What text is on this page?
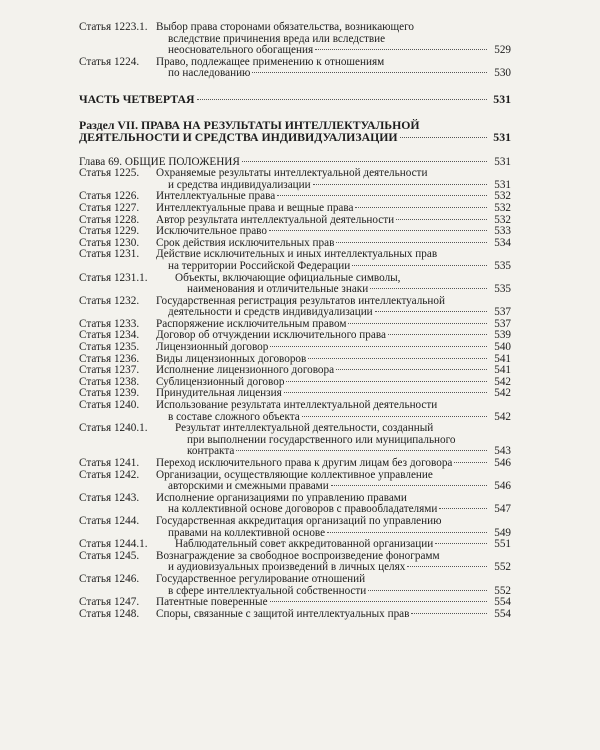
Статья 1223.1. Выбор права сторонами обязательства, возникающего
вследствие причинения вреда или вследствие
неосновательного обогащения	529
Статья 1224.	Право, подлежащее применению к отношениям
по наследованию	530
ЧАСТЬ ЧЕТВЕРТАЯ	531
Раздел VII. ПРАВА НА РЕЗУЛЬТАТЫ ИНТЕЛЛЕКТУАЛЬНОЙ
ДЕЯТЕЛЬНОСТИ И СРЕДСТВА ИНДИВИДУАЛИЗАЦИИ	531
Глава 69. ОБЩИЕ ПОЛОЖЕНИЯ	531
Статья 1225.	Охраняемые результаты интеллектуальной деятельности
и средства индивидуализации	531
Статья 1226.	Интеллектуальные права	532
Статья 1227.	Интеллектуальные права и вещные права	532
Статья 1228.	Автор результата интеллектуальной деятельности	532
Статья 1229.	Исключительное право	533
Статья 1230.	Срок действия исключительных прав	534
Статья 1231.	Действие исключительных и иных интеллектуальных прав
на территории Российской Федерации	535
Статья 1231.1.	Объекты, включающие официальные символы,
наименования и отличительные знаки	535
Статья 1232.	Государственная регистрация результатов интеллектуальной
деятельности и средств индивидуализации	537
Статья 1233.	Распоряжение исключительным правом	537
Статья 1234.	Договор об отчуждении исключительного права	539
Статья 1235.	Лицензионный договор	540
Статья 1236.	Виды лицензионных договоров	541
Статья 1237.	Исполнение лицензионного договора	541
Статья 1238.	Сублицензионный договор	542
Статья 1239.	Принудительная лицензия	542
Статья 1240.	Использование результата интеллектуальной деятельности
в составе сложного объекта	542
Статья 1240.1.	Результат интеллектуальной деятельности, созданный
при выполнении государственного или муниципального
контракта	543
Статья 1241.	Переход исключительного права к другим лицам без договора	546
Статья 1242.	Организации, осуществляющие коллективное управление
авторскими и смежными правами	546
Статья 1243.	Исполнение организациями по управлению правами
на коллективной основе договоров с правообладателями	547
Статья 1244.	Государственная аккредитация организаций по управлению
правами на коллективной основе	549
Статья 1244.1.	Наблюдательный совет аккредитованной организации	551
Статья 1245.	Вознаграждение за свободное воспроизведение фонограмм
и аудиовизуальных произведений в личных целях	552
Статья 1246.	Государственное регулирование отношений
в сфере интеллектуальной собственности	552
Статья 1247.	Патентные поверенные	554
Статья 1248.	Споры, связанные с защитой интеллектуальных прав	554
